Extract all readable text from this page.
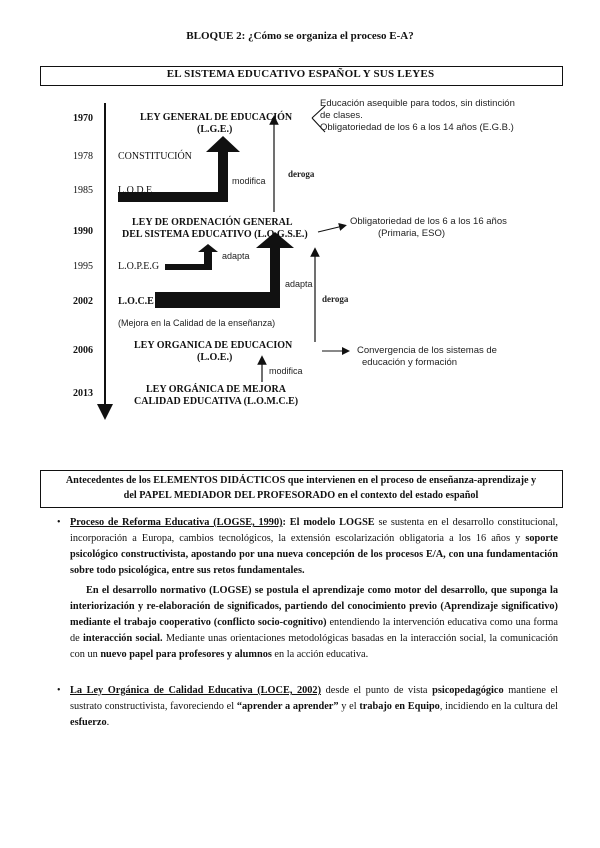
BLOQUE 2: ¿Cómo se organiza el proceso E-A?
EL SISTEMA EDUCATIVO ESPAÑOL Y SUS LEYES
1970
1978
1985
1990
1995
2002
2006
2013
LEY GENERAL DE EDUCACIÓN
(L.G.E.)
CONSTITUCIÓN
L.O.D.E
LEY DE ORDENACIÓN GENERAL
DEL SISTEMA EDUCATIVO (L.O.G.S.E.)
L.O.P.E.G
L.O.C.E
(Mejora en la Calidad de la enseñanza)
LEY ORGANICA DE EDUCACION
(L.O.E.)
LEY ORGÁNICA DE MEJORA
CALIDAD EDUCATIVA (L.O.M.C.E)
modifica
deroga
adapta
adapta
deroga
modifica
Educación asequible para todos, sin distinción
de clases.
Obligatoriedad de los 6 a los 14 años (E.G.B.)
Obligatoriedad de los 6 a los 16 años
(Primaria, ESO)
Convergencia de los sistemas de
educación y formación
Antecedentes de los ELEMENTOS DIDÁCTICOS que intervienen en el proceso de enseñanza-aprendizaje y
del PAPEL MEDIADOR DEL PROFESORADO en el contexto del estado español
• Proceso de Reforma Educativa (LOGSE, 1990): El modelo LOGSE se sustenta en el desarrollo constitucional, incorporación a Europa, cambios tecnológicos, la extensión escolarización obligatoria a los 16 años y soporte psicológico constructivista, apostando por una nueva concepción de los procesos E/A, con una fundamentación sobre todo psicológica, entre sus retos fundamentales.
En el desarrollo normativo (LOGSE) se postula el aprendizaje como motor del desarrollo, que suponga la interiorización y re-elaboración de significados, partiendo del conocimiento previo (Aprendizaje significativo) mediante el trabajo cooperativo (conflicto socio-cognitivo) entendiendo la intervención educativa como una forma de interacción social. Mediante unas orientaciones metodológicas basadas en la interacción social, la comunicación con un nuevo papel para profesores y alumnos en la acción educativa.
• La Ley Orgánica de Calidad Educativa (LOCE, 2002) desde el punto de vista psicopedagógico mantiene el sustrato constructivista, favoreciendo el “aprender a aprender” y el trabajo en Equipo, incidiendo en la cultura del esfuerzo.
